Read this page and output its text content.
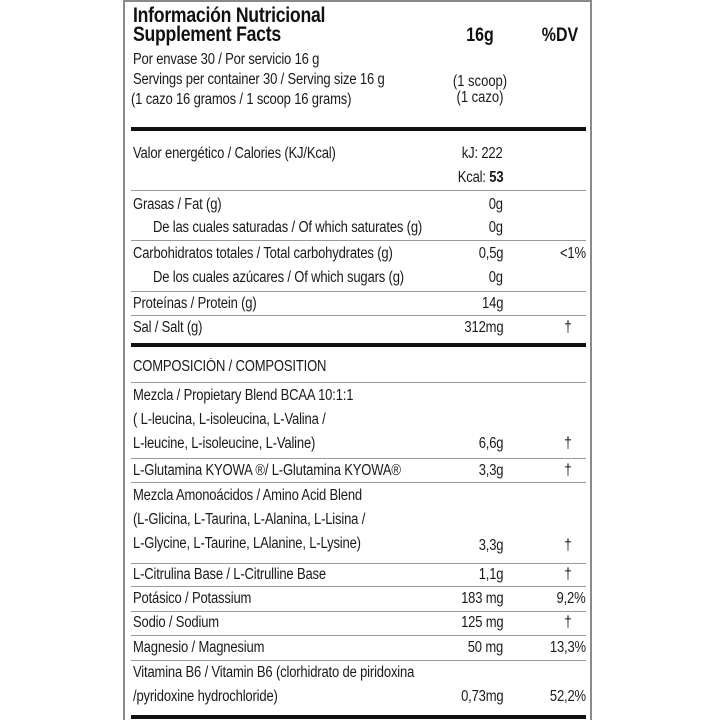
Información Nutricional
Supplement Facts	16g	%DV
Por envase 30 / Por servicio 16 g
Servings per container 30 / Serving size 16 g
(1 cazo 16 gramos / 1 scoop 16 grams)
(1 scoop)
(1 cazo)
Valor energético / Calories (KJ/Kcal)	kJ: 222
Kcal: 53
Grasas / Fat (g)	0g
De las cuales saturadas / Of which saturates (g)	0g
Carbohidratos totales / Total carbohydrates (g)	0,5g	<1%
De los cuales azúcares / Of which sugars (g)	0g
Proteínas / Protein (g)	14g
Sal / Salt (g)	312mg	†
COMPOSICIÓN / COMPOSITION
Mezcla / Propietary Blend BCAA 10:1:1
( L-leucina, L-isoleucina, L-Valina /
L-leucine, L-isoleucine, L-Valine)	6,6g	†
L-Glutamina KYOWA ®/ L-Glutamina KYOWA®	3,3g	†
Mezcla Amonoácidos / Amino Acid Blend
(L-Glicina, L-Taurina, L-Alanina, L-Lisina /
L-Glycine, L-Taurine, LAlanine, L-Lysine)	3,3g	†
L-Citrulina Base / L-Citrulline Base	1,1g	†
Potásico / Potassium	183 mg	9,2%
Sodio / Sodium	125 mg	†
Magnesio / Magnesium	50 mg	13,3%
Vitamina B6 / Vitamin B6 (clorhidrato de piridoxina
/pyridoxine hydrochloride)	0,73mg	52,2%
